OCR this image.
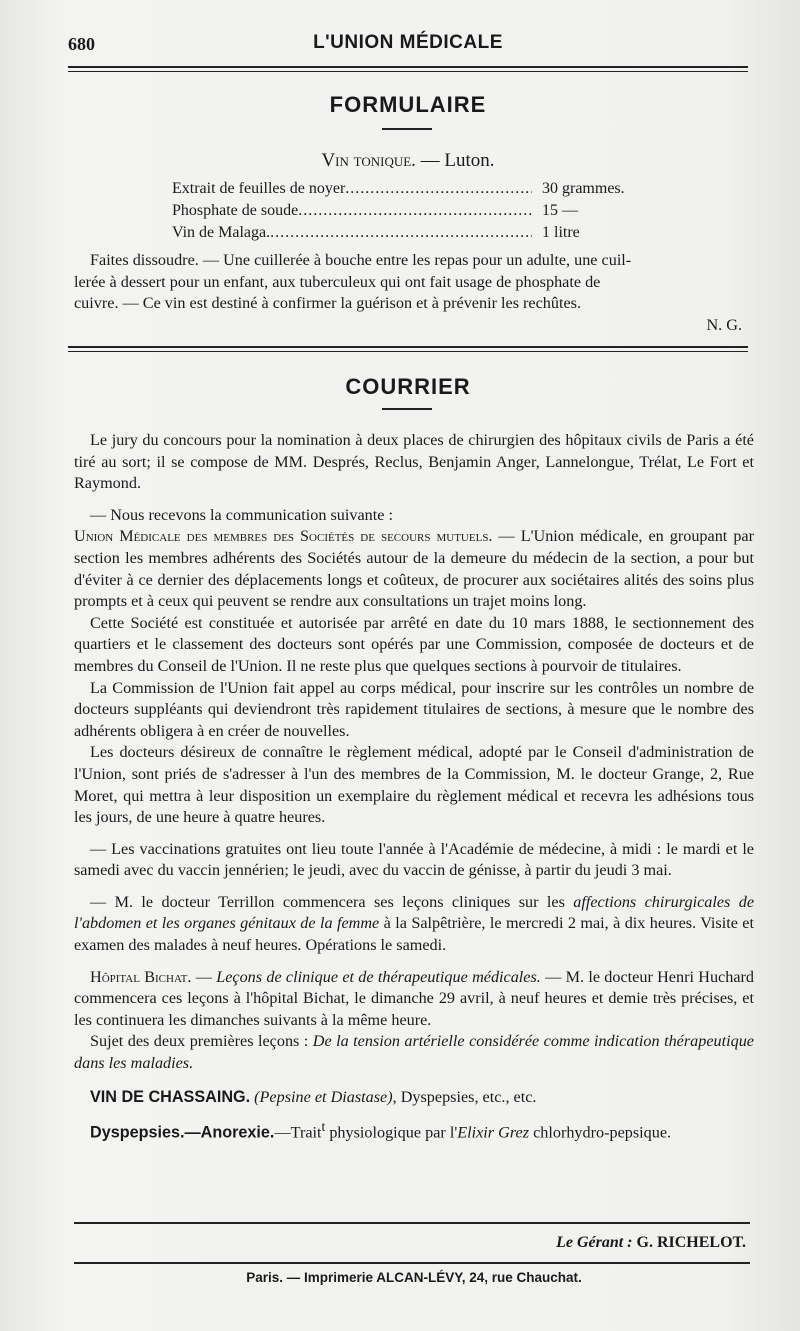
680	L'UNION MÉDICALE
FORMULAIRE
Vin tonique. — Luton.
Extrait de feuilles de noyer .....	30 grammes.
Phosphate de soude .....	15 —
Vin de Malaga. .....	1 litre

Faites dissoudre. — Une cuillerée à bouche entre les repas pour un adulte, une cuil-

lerée à dessert pour un enfant, aux tuberculeux qui ont fait usage de phosphate de

cuivre. — Ce vin est destiné à confirmer la guérison et à prévenir les rechûtes.

N. G.

COURRIER

Le jury du concours pour la nomination à deux places de chirurgien des hôpitaux civils de Paris a été tiré au sort; il se compose de MM. Després, Reclus, Benjamin Anger, Lannelongue, Trélat, Le Fort et Raymond.

— Nous recevons la communication suivante :

Union Médicale des membres des Sociétés de secours mutuels. — L'Union médicale, en groupant par section les membres adhérents des Sociétés autour de la demeure du médecin de la section, a pour but d'éviter à ce dernier des déplacements longs et coûteux, de procurer aux sociétaires alités des soins plus prompts et à ceux qui peuvent se rendre aux consultations un trajet moins long.

Cette Société est constituée et autorisée par arrêté en date du 10 mars 1888, le sectionnement des quartiers et le classement des docteurs sont opérés par une Commission, composée de docteurs et de membres du Conseil de l'Union. Il ne reste plus que quelques sections à pourvoir de titulaires.

La Commission de l'Union fait appel au corps médical, pour inscrire sur les contrôles un nombre de docteurs suppléants qui deviendront très rapidement titulaires de sections, à mesure que le nombre des adhérents obligera à en créer de nouvelles.

Les docteurs désireux de connaître le règlement médical, adopté par le Conseil d'administration de l'Union, sont priés de s'adresser à l'un des membres de la Commission, M. le docteur Grange, 2, Rue Moret, qui mettra à leur disposition un exemplaire du règlement médical et recevra les adhésions tous les jours, de une heure à quatre heures.

— Les vaccinations gratuites ont lieu toute l'année à l'Académie de médecine, à midi : le mardi et le samedi avec du vaccin jennérien; le jeudi, avec du vaccin de génisse, à partir du jeudi 3 mai.

— M. le docteur Terrillon commencera ses leçons cliniques sur les affections chirurgicales de l'abdomen et les organes génitaux de la femme à la Salpêtrière, le mercredi 2 mai, à dix heures. Visite et examen des malades à neuf heures. Opérations le samedi.

Hôpital Bichat. — Leçons de clinique et de thérapeutique médicales. — M. le docteur Henri Huchard commencera ces leçons à l'hôpital Bichat, le dimanche 29 avril, à neuf heures et demie très précises, et les continuera les dimanches suivants à la même heure.

Sujet des deux premières leçons : De la tension artérielle considérée comme indication thérapeutique dans les maladies.

VIN DE CHASSAING. (Pepsine et Diastase), Dyspepsies, etc., etc.

Dyspepsies.—Anorexie.—Trait$^t$ physiologique par l'Elixir Grez chlorhydro-pepsique.

Le Gérant : G. RICHELOT.
Paris. — Imprimerie ALCAN-LÉVY, 24, rue Chauchat.
